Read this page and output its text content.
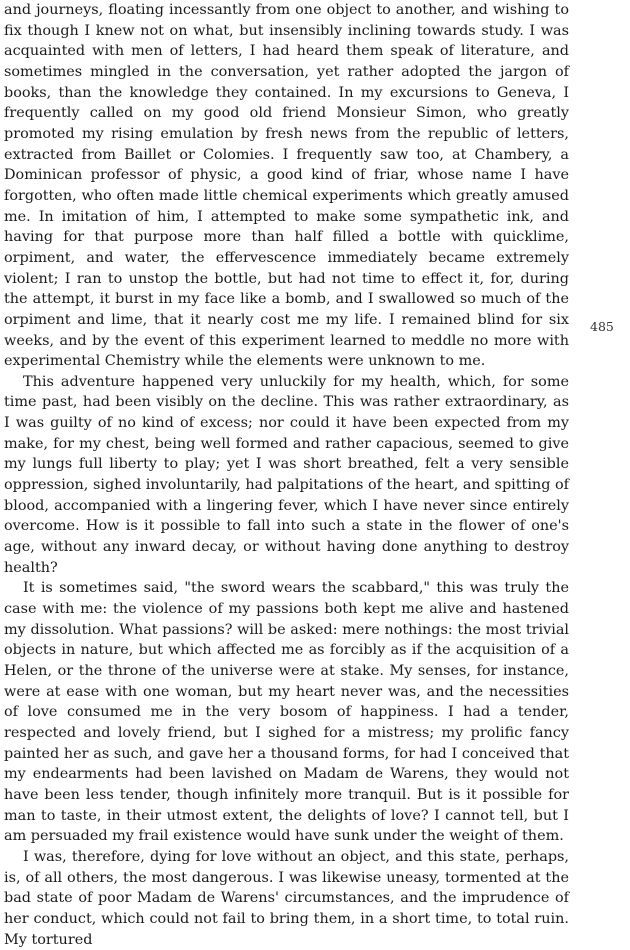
and journeys, floating incessantly from one object to another, and wishing to fix though I knew not on what, but insensibly inclining towards study. I was acquainted with men of letters, I had heard them speak of literature, and sometimes mingled in the conversation, yet rather adopted the jargon of books, than the knowledge they contained. In my excursions to Geneva, I frequently called on my good old friend Monsieur Simon, who greatly promoted my rising emulation by fresh news from the republic of letters, extracted from Baillet or Colomies. I frequently saw too, at Chambery, a Dominican professor of physic, a good kind of friar, whose name I have forgotten, who often made little chemical experiments which greatly amused me. In imitation of him, I attempted to make some sympathetic ink, and having for that purpose more than half filled a bottle with quicklime, orpiment, and water, the effervescence immediately became extremely violent; I ran to unstop the bottle, but had not time to effect it, for, during the attempt, it burst in my face like a bomb, and I swallowed so much of the orpiment and lime, that it nearly cost me my life. I remained blind for six weeks, and by the event of this experiment learned to meddle no more with experimental Chemistry while the elements were unknown to me.

This adventure happened very unluckily for my health, which, for some time past, had been visibly on the decline. This was rather extraordinary, as I was guilty of no kind of excess; nor could it have been expected from my make, for my chest, being well formed and rather capacious, seemed to give my lungs full liberty to play; yet I was short breathed, felt a very sensible oppression, sighed involuntarily, had palpitations of the heart, and spitting of blood, accompanied with a lingering fever, which I have never since entirely overcome. How is it possible to fall into such a state in the flower of one's age, without any inward decay, or without having done anything to destroy health?

It is sometimes said, "the sword wears the scabbard," this was truly the case with me: the violence of my passions both kept me alive and hastened my dissolution. What passions? will be asked: mere nothings: the most trivial objects in nature, but which affected me as forcibly as if the acquisition of a Helen, or the throne of the universe were at stake. My senses, for instance, were at ease with one woman, but my heart never was, and the necessities of love consumed me in the very bosom of happiness. I had a tender, respected and lovely friend, but I sighed for a mistress; my prolific fancy painted her as such, and gave her a thousand forms, for had I conceived that my endearments had been lavished on Madam de Warens, they would not have been less tender, though infinitely more tranquil. But is it possible for man to taste, in their utmost extent, the delights of love? I cannot tell, but I am persuaded my frail existence would have sunk under the weight of them.

I was, therefore, dying for love without an object, and this state, perhaps, is, of all others, the most dangerous. I was likewise uneasy, tormented at the bad state of poor Madam de Warens' circumstances, and the imprudence of her conduct, which could not fail to bring them, in a short time, to total ruin. My tortured

485
